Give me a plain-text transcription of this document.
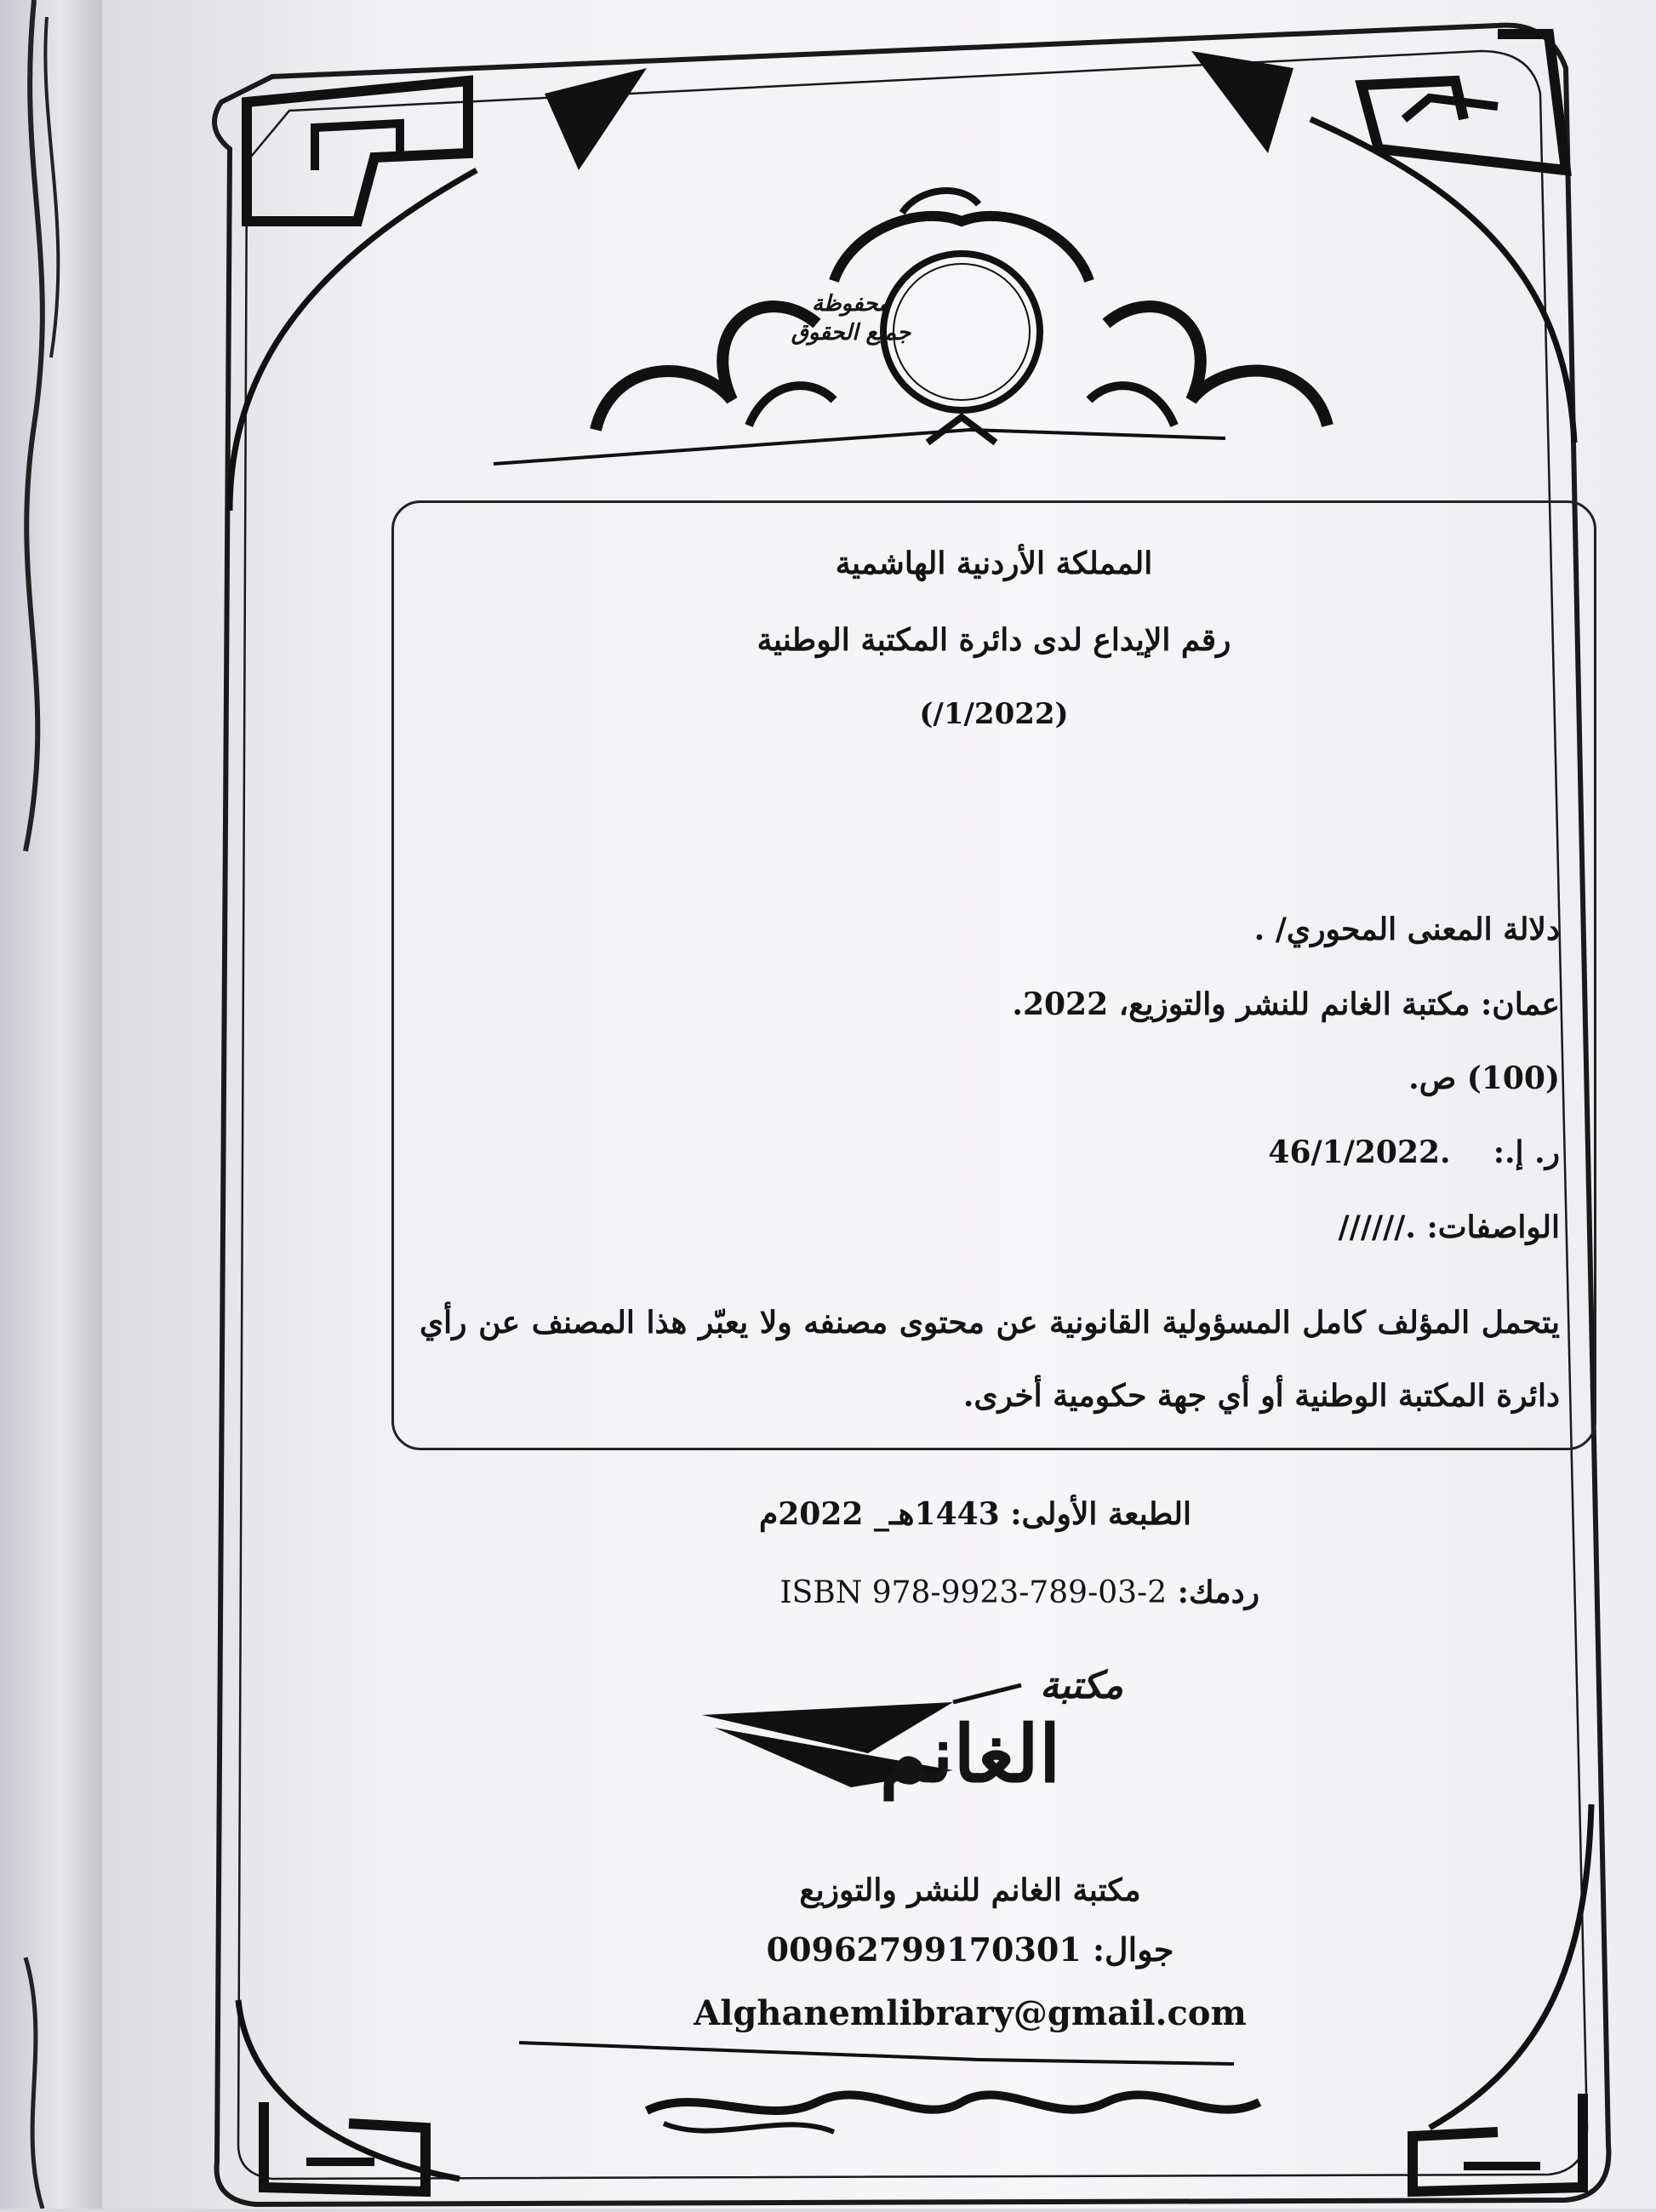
محفوظة
جميع الحقوق
المملكة الأردنية الهاشمية
رقم الإيداع لدى دائرة المكتبة الوطنية
(/1/2022)
دلالة المعنى المحوري/ .
عمان: مكتبة الغانم للنشر والتوزيع، 2022.
(100) ص.
ر. إ.:    46/1/2022.
الواصفات: //////.
يتحمل المؤلف كامل المسؤولية القانونية عن محتوى مصنفه ولا يعبّر هذا المصنف عن رأي دائرة المكتبة الوطنية أو أي جهة حكومية أخرى.
الطبعة الأولى: 1443هـ_ 2022م
ردمك: ISBN 978-9923-789-03-2
مكتبة
الغانم
مكتبة الغانم للنشر والتوزيع
جوال: 00962799170301
Alghanemlibrary@gmail.com
